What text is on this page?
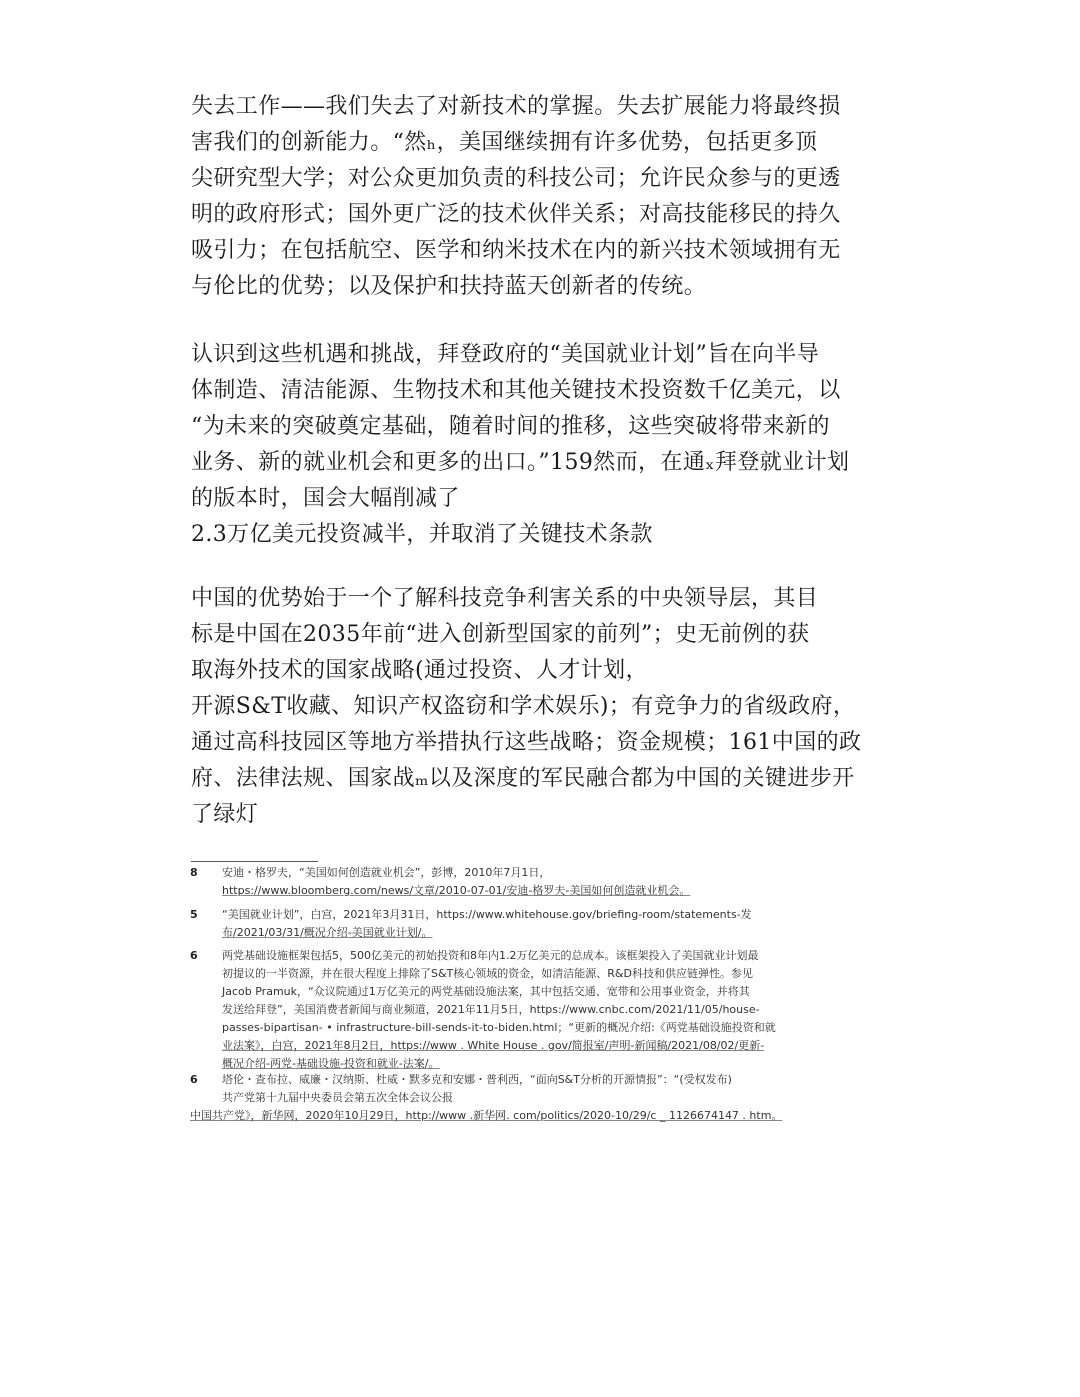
失去工作——我们失去了对新技术的掌握。失去扩展能力将最终损
害我们的创新能力。“然ₕ，美国继续拥有许多优势，包括更多顶
尖研究型大学；对公众更加负责的科技公司；允许民众参与的更透
明的政府形式；国外更广泛的技术伙伴关系；对高技能移民的持久
吸引力；在包括航空、医学和纳米技术在内的新兴技术领域拥有无
与伦比的优势；以及保护和扶持蓝天创新者的传统。
认识到这些机遇和挑战，拜登政府的“美国就业计划”旨在向半导
体制造、清洁能源、生物技术和其他关键技术投资数千亿美元，以
“为未来的突破奠定基础，随着时间的推移，这些突破将带来新的
业务、新的就业机会和更多的出口。”159然而，在通ₓ拜登就业计划
的版本时，国会大幅削减了
2.3万亿美元投资减半，并取消了关键技术条款
中国的优势始于一个了解科技竞争利害关系的中央领导层，其目
标是中国在2035年前“进入创新型国家的前列”；史无前例的获
取海外技术的国家战略(通过投资、人才计划，
开源S&T收藏、知识产权盗窃和学术娱乐)；有竞争力的省级政府，
通过高科技园区等地方举措执行这些战略；资金规模；161中国的政
府、法律法规、国家战ₘ以及深度的军民融合都为中国的关键进步开
了绿灯
8 安迪・格罗夫，“美国如何创造就业机会”，彭博，2010年7月1日，
https://www.bloomberg.com/news/文章/2010-07-01/安迪-格罗夫-美国如何创造就业机会。
5 “美国就业计划”，白宫，2021年3月31日，https://www.whitehouse.gov/briefing-room/statements-发
布/2021/03/31/概况介绍-美国就业计划/。
6 两党基础设施框架包括5，500亿美元的初始投资和8年内1.2万亿美元的总成本。该框架投入了美国就业计划最
初提议的一半资源，并在很大程度上排除了S&T核心领域的资金，如清洁能源、R&D科技和供应链弹性。参见
Jacob Pramuk，“众议院通过1万亿美元的两党基础设施法案，其中包括交通、宽带和公用事业资金，并将其
发送给拜登”，美国消费者新闻与商业频道，2021年11月5日，https://www.cnbc.com/2021/11/05/house-
passes-bipartisan- • infrastructure-bill-sends-it-to-biden.html；“更新的概况介绍:《两党基础设施投资和就
业法案》，白宫，2021年8月2日，https://www . White House . gov/简报室/声明-新闻稿/2021/08/02/更新-
概况介绍-两党-基础设施-投资和就业-法案/。
6 塔伦・查布拉、威廉・汉纳斯、杜威・默多克和安娜・普利西，“面向S&T分析的开源情报”：“(受权发布)
共产党第十九届中央委员会第五次全体会议公报
中国共产党》，新华网，2020年10月29日，http://www .新华网. com/politics/2020-10/29/c _ 1126674147 . htm。
